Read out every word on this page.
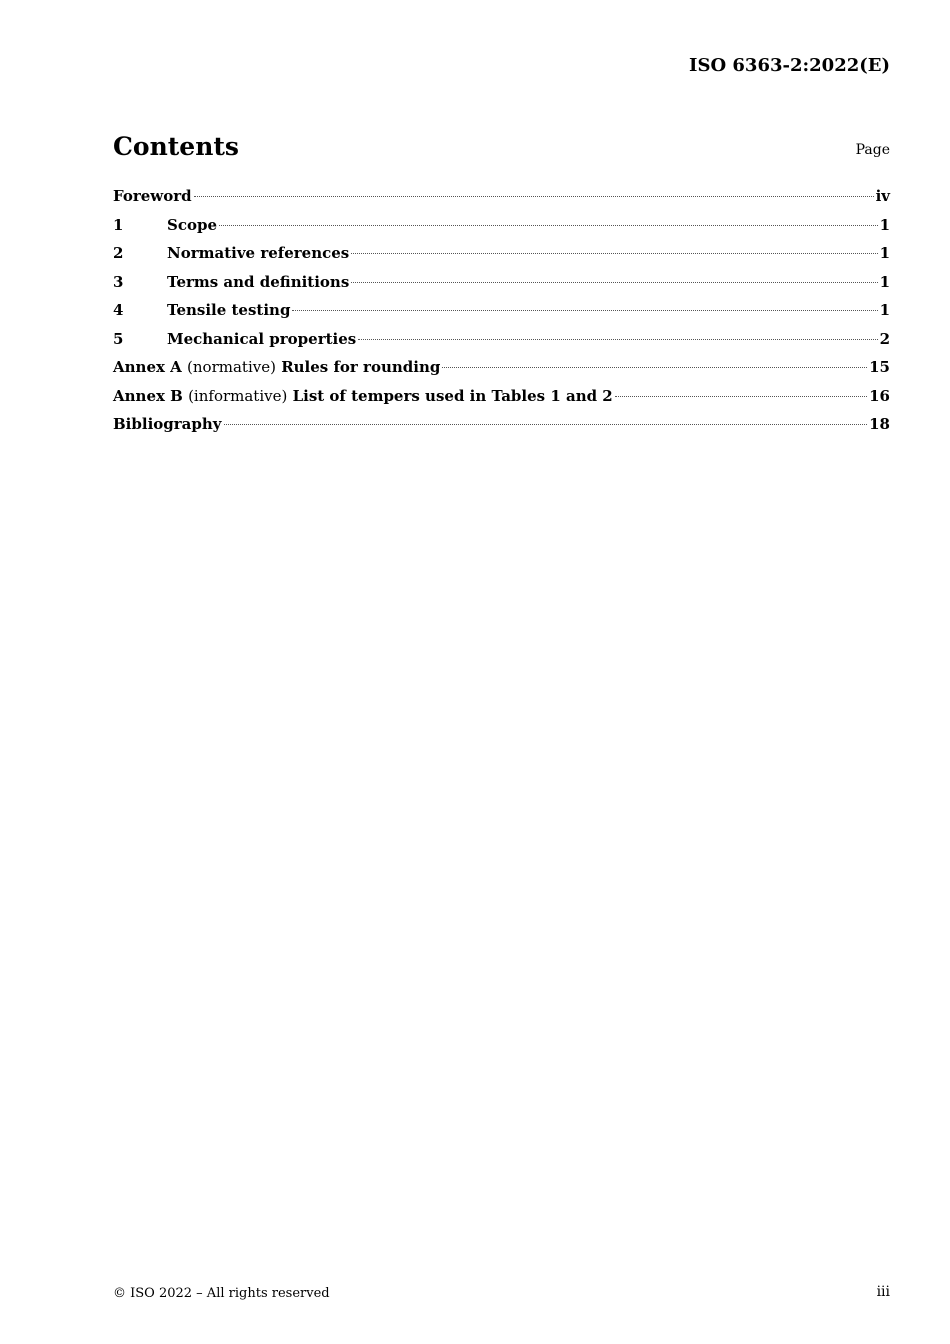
ISO 6363-2:2022(E)
Contents	Page
Foreword	iv
1	Scope	1
2	Normative references	1
3	Terms and definitions	1
4	Tensile testing	1
5	Mechanical properties	2
Annex A (normative) Rules for rounding	15
Annex B (informative) List of tempers used in Tables 1 and 2	16
Bibliography	18
© ISO 2022 – All rights reserved	iii
